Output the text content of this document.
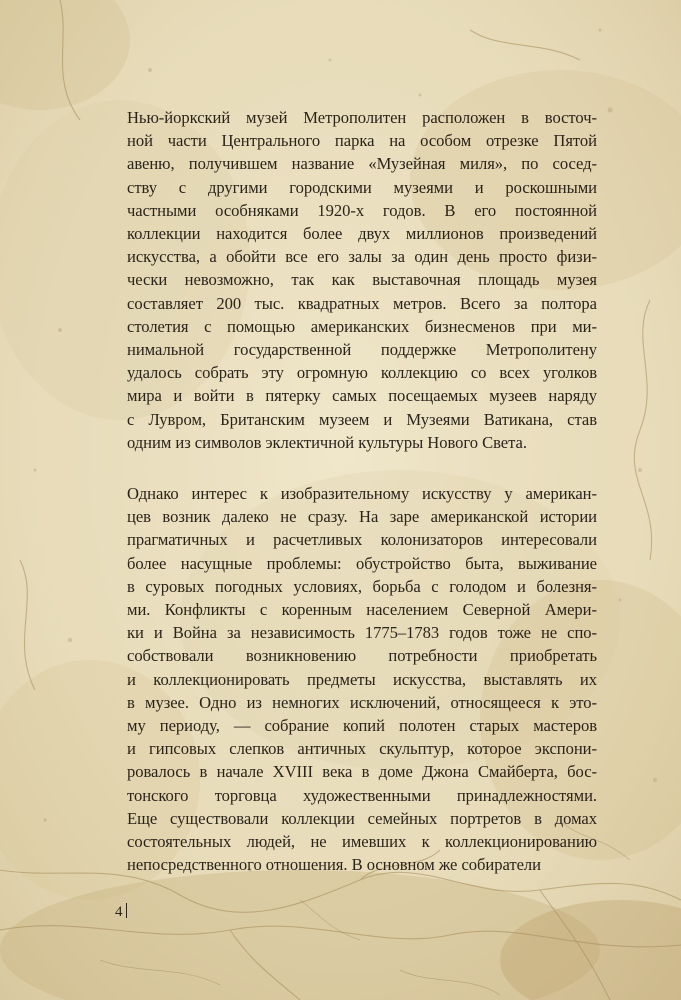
Нью-йоркский музей Метрополитен расположен в восточ-
ной части Центрального парка на особом отрезке Пятой
авеню, получившем название «Музейная миля», по сосед-
ству с другими городскими музеями и роскошными
частными особняками 1920-х годов. В его постоянной
коллекции находится более двух миллионов произведений
искусства, а обойти все его залы за один день просто физи-
чески невозможно, так как выставочная площадь музея
составляет 200 тыс. квадратных метров. Всего за полтора
столетия с помощью американских бизнесменов при ми-
нимальной государственной поддержке Метрополитену
удалось собрать эту огромную коллекцию со всех уголков
мира и войти в пятерку самых посещаемых музеев наряду
с Лувром, Британским музеем и Музеями Ватикана, став
одним из символов эклектичной культуры Нового Света.
Однако интерес к изобразительному искусству у американ-
цев возник далеко не сразу. На заре американской истории
прагматичных и расчетливых колонизаторов интересовали
более насущные проблемы: обустройство быта, выживание
в суровых погодных условиях, борьба с голодом и болезня-
ми. Конфликты с коренным населением Северной Амери-
ки и Война за независимость 1775–1783 годов тоже не спо-
собствовали возникновению потребности приобретать
и коллекционировать предметы искусства, выставлять их
в музее. Одно из немногих исключений, относящееся к это-
му периоду, — собрание копий полотен старых мастеров
и гипсовых слепков античных скульптур, которое экспони-
ровалось в начале XVIII века в доме Джона Смайберта, бос-
тонского торговца художественными принадлежностями.
Еще существовали коллекции семейных портретов в домах
состоятельных людей, не имевших к коллекционированию
непосредственного отношения. В основном же собиратели
4
